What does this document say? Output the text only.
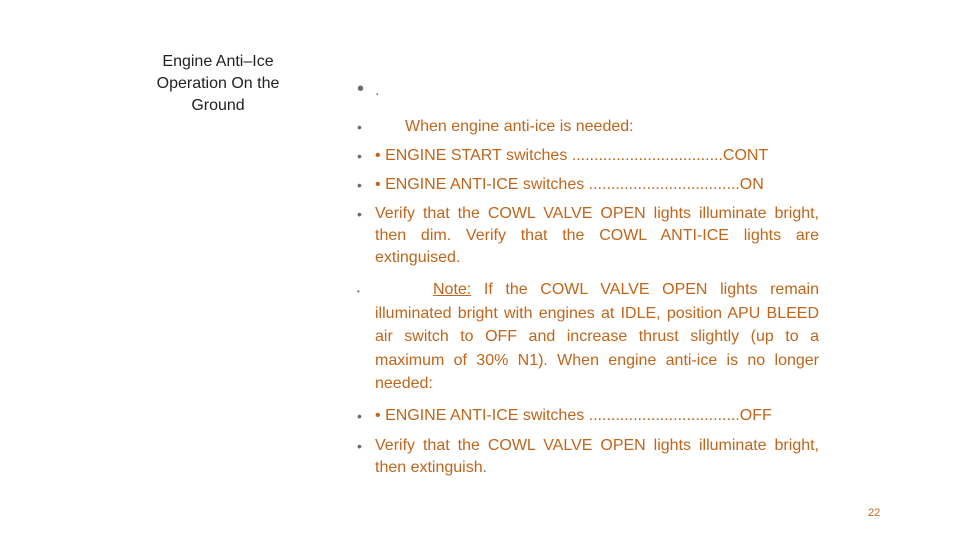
Engine Anti–Ice
Operation On the
Ground
• .
•	When engine anti-ice is needed:
• • ENGINE START switches ..................................CONT
• • ENGINE ANTI-ICE switches ..................................ON
• Verify that the COWL VALVE OPEN lights illuminate bright, then dim. Verify that the COWL ANTI-ICE lights are extinguised.
•	Note: If the COWL VALVE OPEN lights remain illuminated bright with engines at IDLE, position APU BLEED air switch to OFF and increase thrust slightly (up to a maximum of 30% N1). When engine anti-ice is no longer needed:
• • ENGINE ANTI-ICE switches ..................................OFF
• Verify that the COWL VALVE OPEN lights illuminate bright, then extinguish.
22
